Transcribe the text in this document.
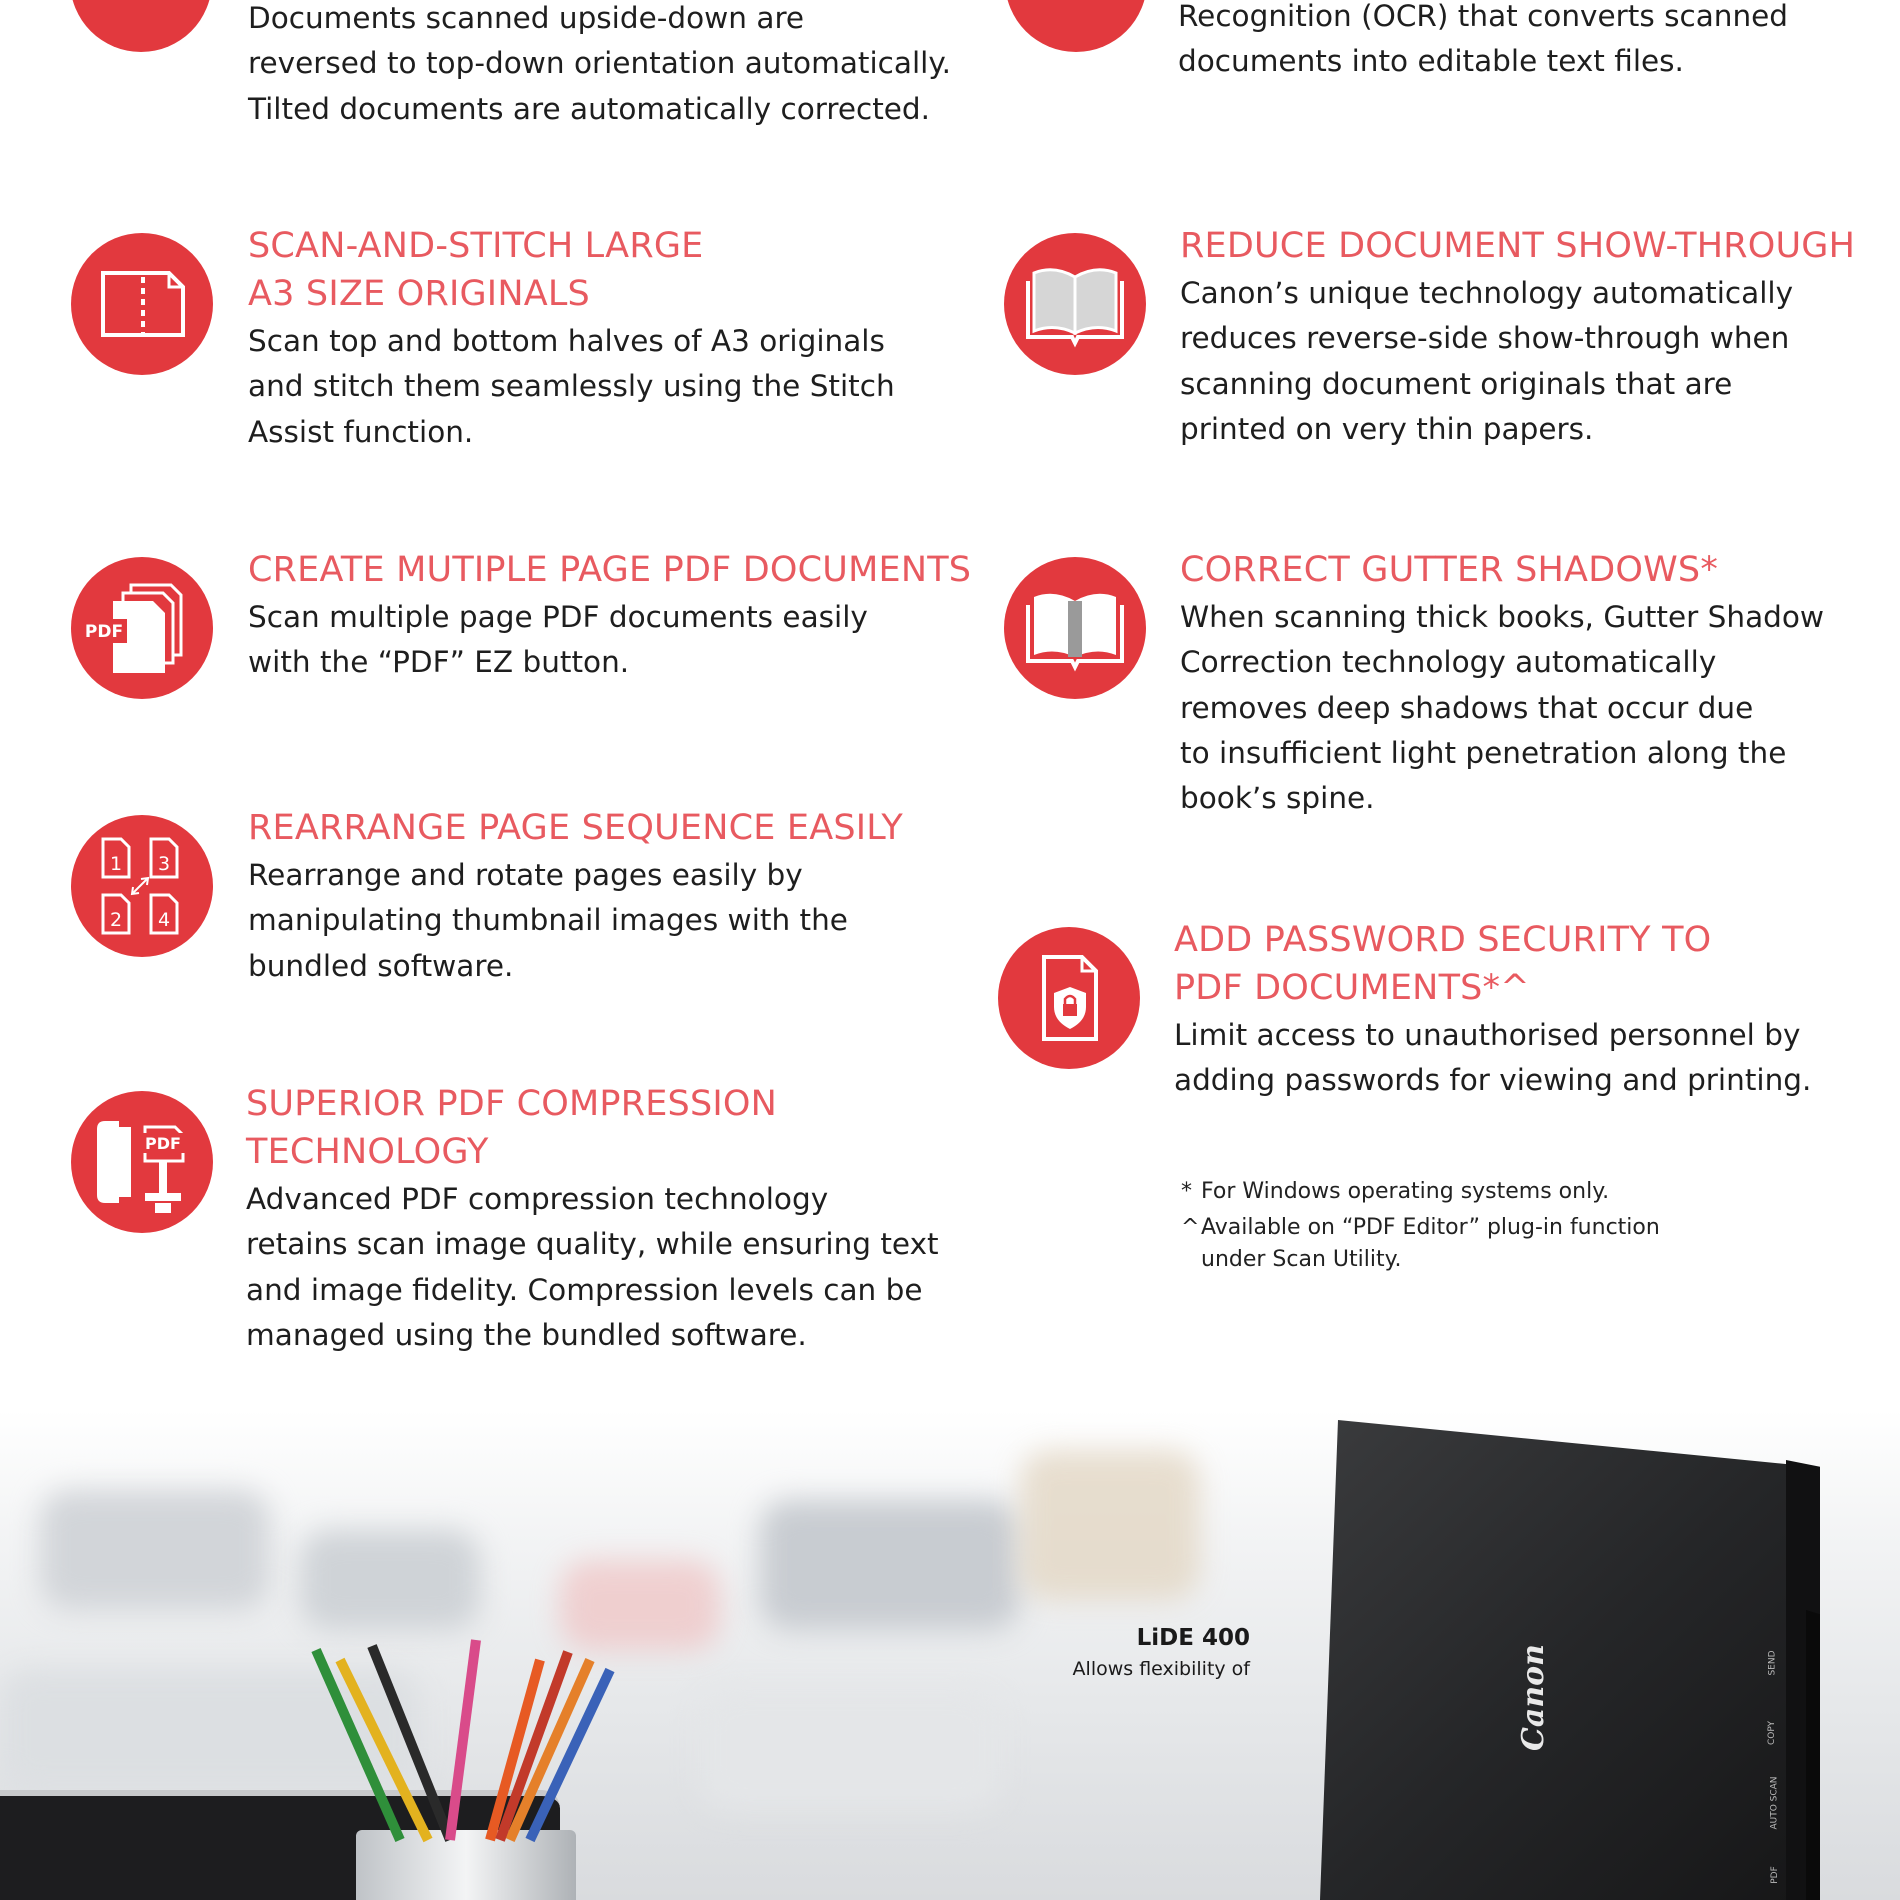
Documents scanned upside-down are
reversed to top-down orientation automatically.
Tilted documents are automatically corrected.
Recognition (OCR) that converts scanned
documents into editable text files.
SCAN-AND-STITCH LARGE
A3 SIZE ORIGINALS
Scan top and bottom halves of A3 originals
and stitch them seamlessly using the Stitch
Assist function.
REDUCE DOCUMENT SHOW-THROUGH
Canon’s unique technology automatically
reduces reverse-side show-through when
scanning document originals that are
printed on very thin papers.
PDF
CREATE MUTIPLE PAGE PDF DOCUMENTS
Scan multiple page PDF documents easily
with the “PDF” EZ button.
CORRECT GUTTER SHADOWS*
When scanning thick books, Gutter Shadow
Correction technology automatically
removes deep shadows that occur due
to insufficient light penetration along the
book’s spine.
1 3
2 4
REARRANGE PAGE SEQUENCE EASILY
Rearrange and rotate pages easily by
manipulating thumbnail images with the
bundled software.
ADD PASSWORD SECURITY TO
PDF DOCUMENTS*^
Limit access to unauthorised personnel by
adding passwords for viewing and printing.
PDF
SUPERIOR PDF COMPRESSION
TECHNOLOGY
Advanced PDF compression technology
retains scan image quality, while ensuring text
and image fidelity. Compression levels can be
managed using the bundled software.
* For Windows operating systems only.
^Available on “PDF Editor” plug-in function
under Scan Utility.
LiDE 400
Allows flexibility of	Canon	SEND
COPY
AUTO SCAN
PDF
